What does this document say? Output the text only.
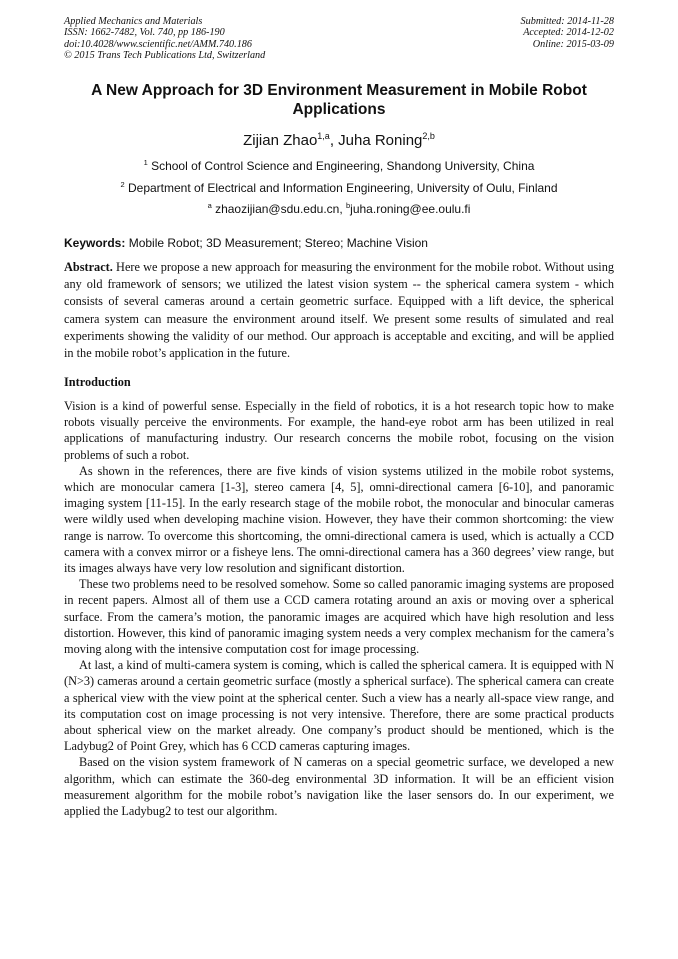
Applied Mechanics and Materials
ISSN: 1662-7482, Vol. 740, pp 186-190
doi:10.4028/www.scientific.net/AMM.740.186
© 2015 Trans Tech Publications Ltd, Switzerland
Submitted: 2014-11-28
Accepted: 2014-12-02
Online: 2015-03-09
A New Approach for 3D Environment Measurement in Mobile Robot Applications
Zijian Zhao$^{1,a}$, Juha Roning$^{2,b}$
$^1$ School of Control Science and Engineering, Shandong University, China
$^2$ Department of Electrical and Information Engineering, University of Oulu, Finland
$^a$ zhaozijian@sdu.edu.cn, $^b$juha.roning@ee.oulu.fi
Keywords: Mobile Robot; 3D Measurement; Stereo; Machine Vision
Abstract. Here we propose a new approach for measuring the environment for the mobile robot. Without using any old framework of sensors; we utilized the latest vision system -- the spherical camera system - which consists of several cameras around a certain geometric surface. Equipped with a lift device, the spherical camera system can measure the environment around itself. We present some results of simulated and real experiments showing the validity of our method. Our approach is acceptable and exciting, and will be applied in the mobile robot’s application in the future.
Introduction

Vision is a kind of powerful sense. Especially in the field of robotics, it is a hot research topic how to make robots visually perceive the environments. For example, the hand-eye robot arm has been utilized in real applications of manufacturing industry. Our research concerns the mobile robot, focusing on the vision problems of such a robot.

As shown in the references, there are five kinds of vision systems utilized in the mobile robot systems, which are monocular camera [1-3], stereo camera [4, 5], omni-directional camera [6-10], and panoramic imaging system [11-15]. In the early research stage of the mobile robot, the monocular and binocular cameras were wildly used when developing machine vision. However, they have their common shortcoming: the view range is narrow. To overcome this shortcoming, the omni-directional camera is used, which is actually a CCD camera with a convex mirror or a fisheye lens. The omni-directional camera has a 360 degrees’ view range, but its images always have very low resolution and significant distortion.

These two problems need to be resolved somehow. Some so called panoramic imaging systems are proposed in recent papers. Almost all of them use a CCD camera rotating around an axis or moving over a spherical surface. From the camera’s motion, the panoramic images are acquired which have high resolution and less distortion. However, this kind of panoramic imaging system needs a very complex mechanism for the camera’s moving along with the intensive computation cost for image processing.

At last, a kind of multi-camera system is coming, which is called the spherical camera. It is equipped with N (N>3) cameras around a certain geometric surface (mostly a spherical surface). The spherical camera can create a spherical view with the view point at the spherical center. Such a view has a nearly all-space view range, and its computation cost on image processing is not very intensive. Therefore, there are some practical products about spherical view on the market already. One company’s product should be mentioned, which is the Ladybug2 of Point Grey, which has 6 CCD cameras capturing images.

Based on the vision system framework of N cameras on a special geometric surface, we developed a new algorithm, which can estimate the 360-deg environmental 3D information. It will be an efficient vision measurement algorithm for the mobile robot’s navigation like the laser sensors do. In our experiment, we applied the Ladybug2 to test our algorithm.
